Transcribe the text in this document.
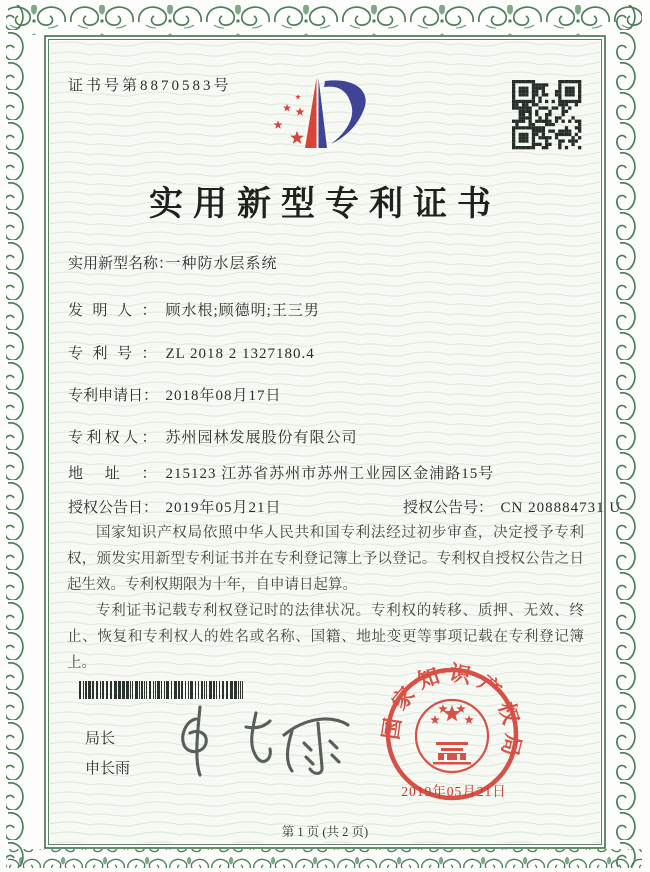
证书号第8870583号
实用新型专利证书
实用新型名称：一种防水层系统
发明人： 顾水根;顾德明;王三男
专利号： ZL 2018 2 1327180.4
专利申请日： 2018年08月17日
专利权人： 苏州园林发展股份有限公司
地址： 215123 江苏省苏州市苏州工业园区金浦路15号
授权公告日： 2019年05月21日	授权公告号： CN 208884731 U

国家知识产权局依照中华人民共和国专利法经过初步审查，决定授予专利权，颁发实用新型专利证书并在专利登记簿上予以登记。专利权自授权公告之日起生效。专利权期限为十年，自申请日起算。

专利证书记载专利权登记时的法律状况。专利权的转移、质押、无效、终止、恢复和专利权人的姓名或名称、国籍、地址变更等事项记载在专利登记簿上。

局长
申长雨
国家知识产权局
2019年05月21日
第 1 页 (共 2 页)
